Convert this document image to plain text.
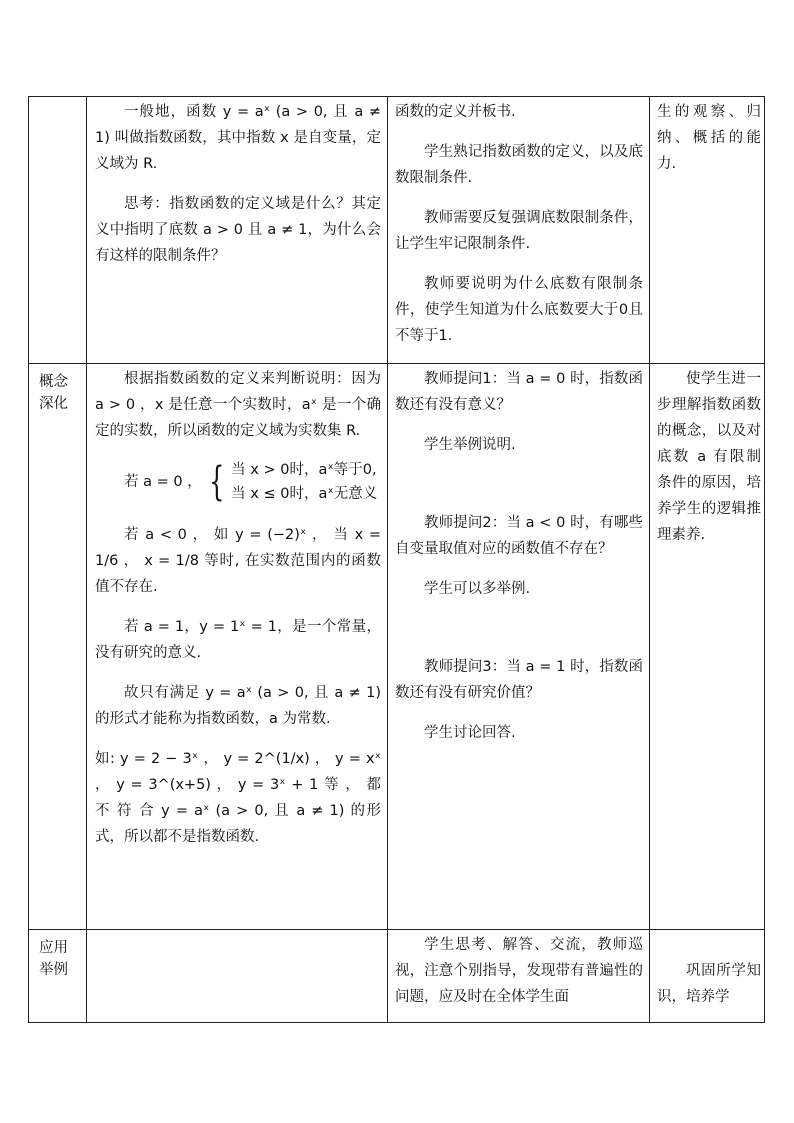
一般地，函数 y = aˣ (a > 0, 且 a ≠ 1) 叫做指数函数，其中指数 x 是自变量，定义域为 R.

思考：指数函数的定义域是什么？其定义中指明了底数 a > 0 且 a ≠ 1，为什么会有这样的限制条件？

函数的定义并板书.

学生熟记指数函数的定义，以及底数限制条件.

教师需要反复强调底数限制条件，让学生牢记限制条件.

教师要说明为什么底数有限制条件，使学生知道为什么底数要大于0且不等于1.

生的观察、归纳、概括的能力.

概念深化

根据指数函数的定义来判断说明：因为 a > 0 ，x 是任意一个实数时，aˣ 是一个确定的实数，所以函数的定义域为实数集 R.

若 a = 0 ， { 当 x > 0时，aˣ等于0,
当 x ≤ 0时，aˣ无意义

若 a < 0 ， 如 y = (−2)ˣ ， 当 x = 1/6 ， x = 1/8 等时, 在实数范围内的函数值不存在.

若 a = 1，y = 1ˣ = 1，是一个常量，没有研究的意义.

故只有满足 y = aˣ (a > 0, 且 a ≠ 1) 的形式才能称为指数函数，a 为常数.

如: y = 2 − 3ˣ ， y = 2^(1/x) ， y = xˣ ， y = 3^(x+5) ， y = 3ˣ + 1 等 ， 都 不 符 合 y = aˣ (a > 0, 且 a ≠ 1) 的形式，所以都不是指数函数.

教师提问1：当 a = 0 时，指数函数还有没有意义？

学生举例说明.

教师提问2：当 a < 0 时，有哪些自变量取值对应的函数值不存在？

学生可以多举例.

教师提问3：当 a = 1 时，指数函数还有没有研究价值？

学生讨论回答.

使学生进一步理解指数函数的概念，以及对底数 a 有限制条件的原因，培养学生的逻辑推理素养.

应用举例

学生思考、解答、交流，教师巡视，注意个别指导，发现带有普遍性的问题，应及时在全体学生面

巩固所学知识，培养学
